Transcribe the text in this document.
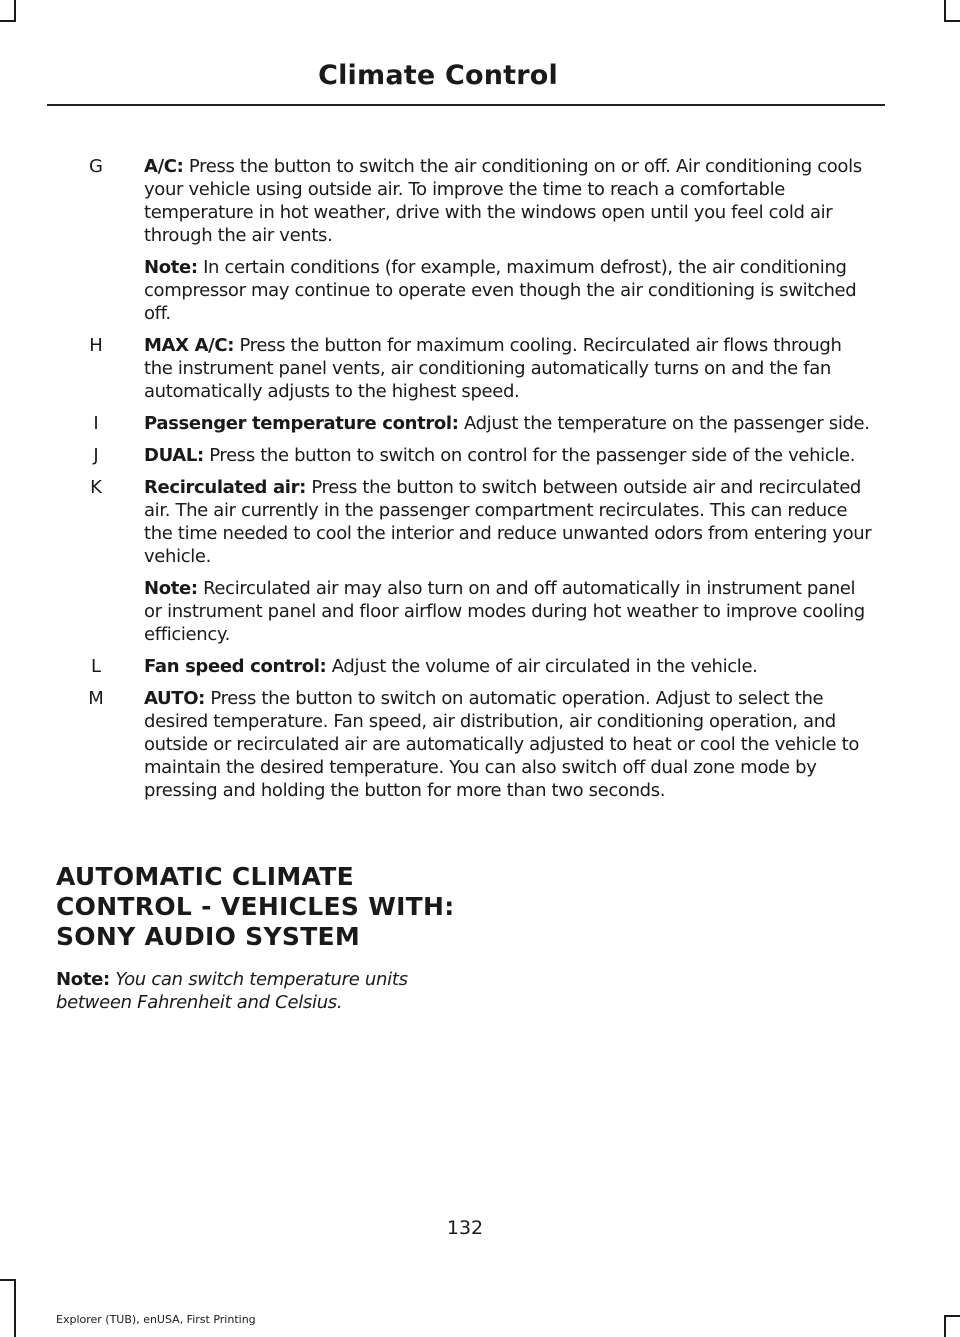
Climate Control
G A/C: Press the button to switch the air conditioning on or off. Air conditioning cools your vehicle using outside air. To improve the time to reach a comfortable temperature in hot weather, drive with the windows open until you feel cold air through the air vents.
Note: In certain conditions (for example, maximum defrost), the air conditioning compressor may continue to operate even though the air conditioning is switched off.
H MAX A/C: Press the button for maximum cooling. Recirculated air flows through the instrument panel vents, air conditioning automatically turns on and the fan automatically adjusts to the highest speed.
I	Passenger temperature control: Adjust the temperature on the passenger side.
J	DUAL: Press the button to switch on control for the passenger side of the vehicle.
K Recirculated air: Press the button to switch between outside air and recirculated air. The air currently in the passenger compartment recirculates. This can reduce the time needed to cool the interior and reduce unwanted odors from entering your vehicle.
Note: Recirculated air may also turn on and off automatically in instrument panel or instrument panel and floor airflow modes during hot weather to improve cooling efficiency.
L Fan speed control: Adjust the volume of air circulated in the vehicle.
M AUTO: Press the button to switch on automatic operation. Adjust to select the desired temperature. Fan speed, air distribution, air conditioning operation, and outside or recirculated air are automatically adjusted to heat or cool the vehicle to maintain the desired temperature. You can also switch off dual zone mode by pressing and holding the button for more than two seconds.
AUTOMATIC CLIMATE
CONTROL - VEHICLES WITH:
SONY AUDIO SYSTEM
Note: You can switch temperature units between Fahrenheit and Celsius.
132
Explorer (TUB), enUSA, First Printing
